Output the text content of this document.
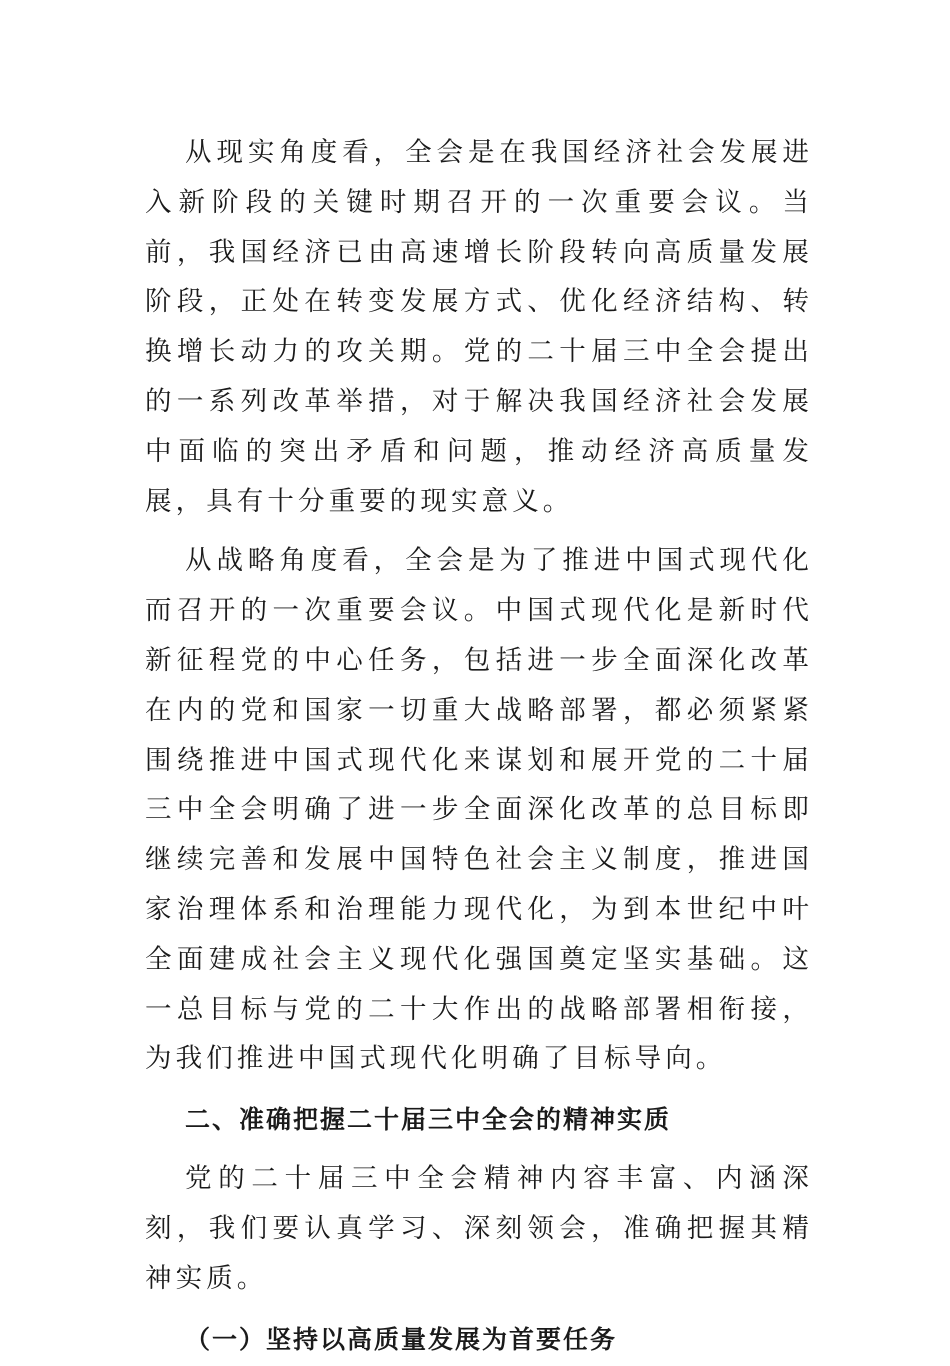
从现实角度看，全会是在我国经济社会发展进入新阶段的关键时期召开的一次重要会议。当前，我国经济已由高速增长阶段转向高质量发展阶段，正处在转变发展方式、优化经济结构、转换增长动力的攻关期。党的二十届三中全会提出的一系列改革举措，对于解决我国经济社会发展中面临的突出矛盾和问题，推动经济高质量发展，具有十分重要的现实意义。

从战略角度看，全会是为了推进中国式现代化而召开的一次重要会议。中国式现代化是新时代新征程党的中心任务，包括进一步全面深化改革在内的党和国家一切重大战略部署，都必须紧紧围绕推进中国式现代化来谋划和展开党的二十届三中全会明确了进一步全面深化改革的总目标即继续完善和发展中国特色社会主义制度，推进国家治理体系和治理能力现代化，为到本世纪中叶全面建成社会主义现代化强国奠定坚实基础。这一总目标与党的二十大作出的战略部署相衔接，为我们推进中国式现代化明确了目标导向。

二、准确把握二十届三中全会的精神实质

党的二十届三中全会精神内容丰富、内涵深刻，我们要认真学习、深刻领会，准确把握其精神实质。

（一）坚持以高质量发展为首要任务
